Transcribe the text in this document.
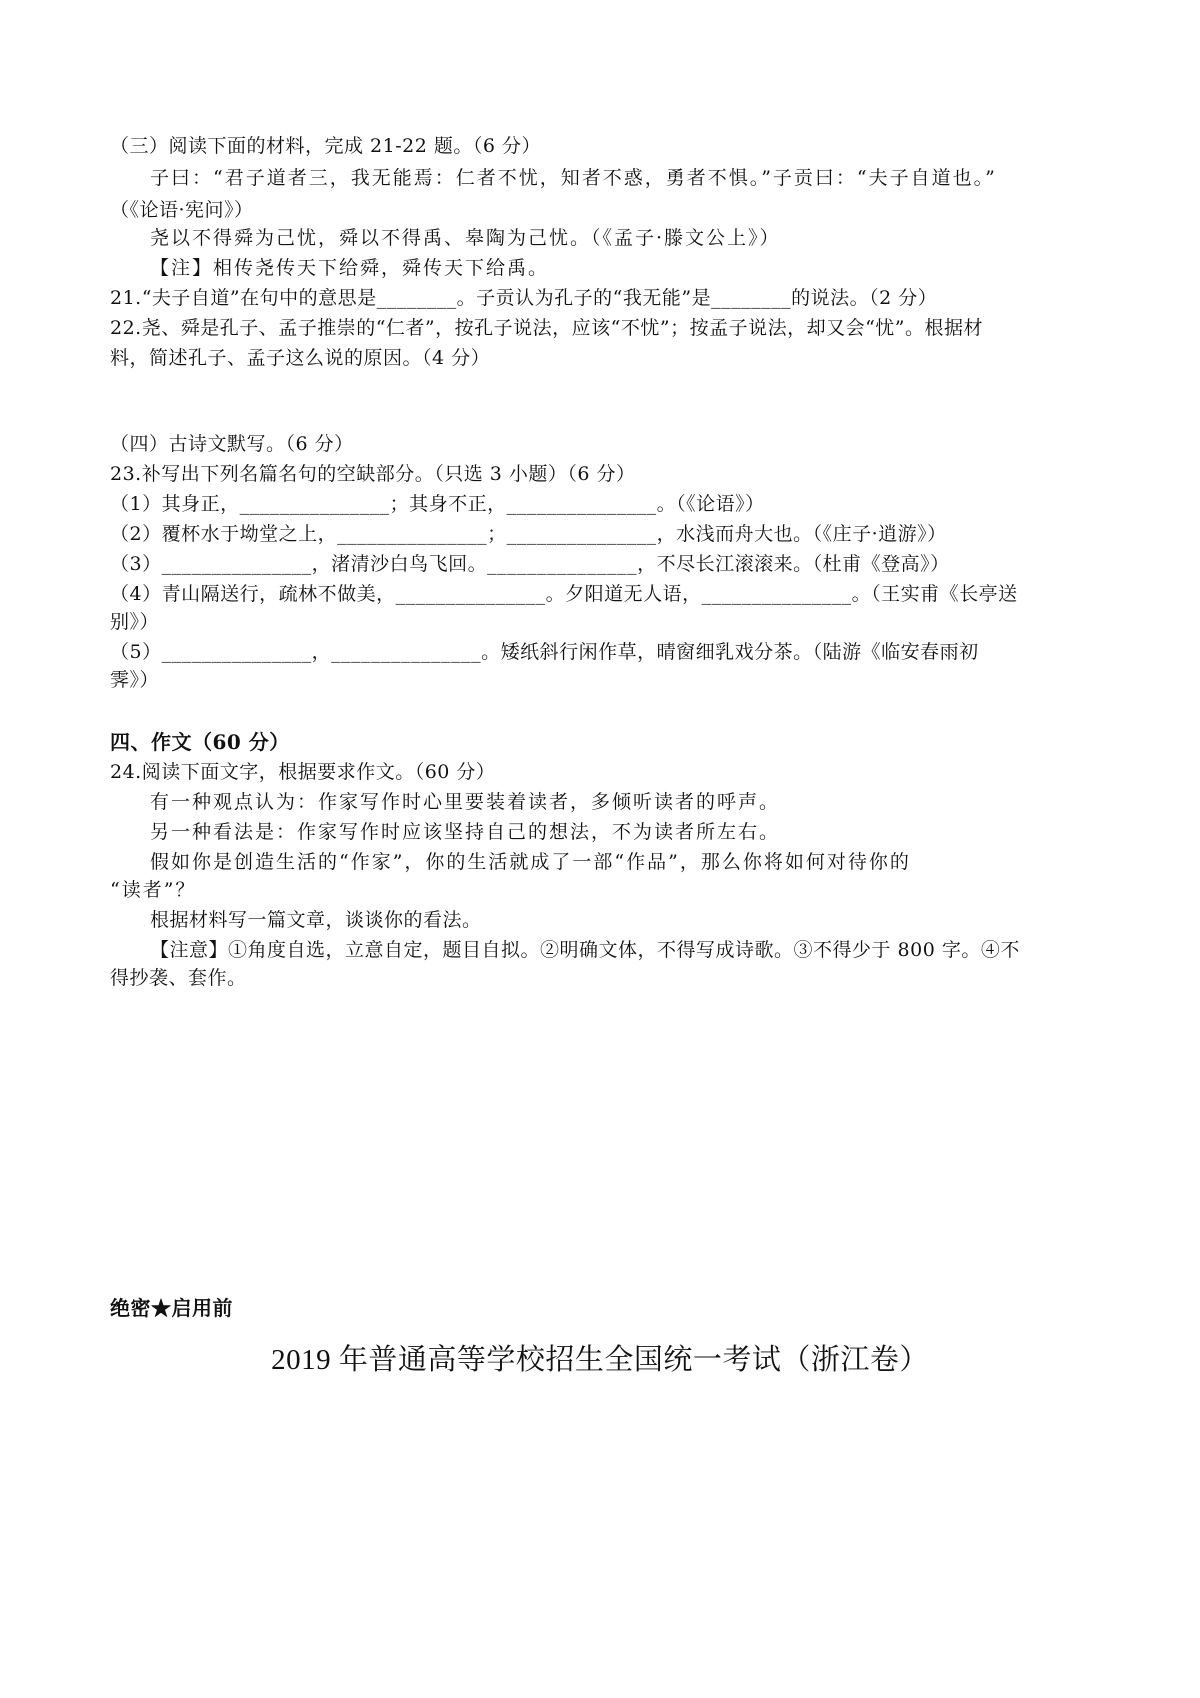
（三）阅读下面的材料，完成 21-22 题。（6 分）
子曰：“君子道者三，我无能焉：仁者不忧，知者不惑，勇者不惧。”子贡曰：“夫子自道也。”
（《论语·宪问》）
尧以不得舜为己忧，舜以不得禹、皋陶为己忧。（《孟子·滕文公上》）
【注】相传尧传天下给舜，舜传天下给禹。
21.“夫子自道”在句中的意思是________。子贡认为孔子的“我无能”是________的说法。（2 分）
22.尧、舜是孔子、孟子推崇的“仁者”，按孔子说法，应该“不忧”；按孟子说法，却又会“忧”。根据材
料，简述孔子、孟子这么说的原因。（4 分）
（四）古诗文默写。（6 分）
23.补写出下列名篇名句的空缺部分。（只选 3 小题）（6 分）
（1）其身正，_______________；其身不正，_______________。（《论语》）
（2）覆杯水于坳堂之上，_______________；_______________，水浅而舟大也。（《庄子·逍游》）
（3）_______________，渚清沙白鸟飞回。_______________，不尽长江滚滚来。（杜甫《登高》）
（4）青山隔送行，疏林不做美，_______________。夕阳道无人语，_______________。（王实甫《长亭送
别》）
（5）_______________，_______________。矮纸斜行闲作草，晴窗细乳戏分茶。（陆游《临安春雨初
霁》）
四、作文（60 分）
24.阅读下面文字，根据要求作文。（60 分）
有一种观点认为：作家写作时心里要装着读者，多倾听读者的呼声。
另一种看法是：作家写作时应该坚持自己的想法，不为读者所左右。
假如你是创造生活的“作家”，你的生活就成了一部“作品”，那么你将如何对待你的
“读者”？
根据材料写一篇文章，谈谈你的看法。
【注意】①角度自选，立意自定，题目自拟。②明确文体，不得写成诗歌。③不得少于 800 字。④不
得抄袭、套作。
绝密★启用前
2019 年普通高等学校招生全国统一考试（浙江卷）
